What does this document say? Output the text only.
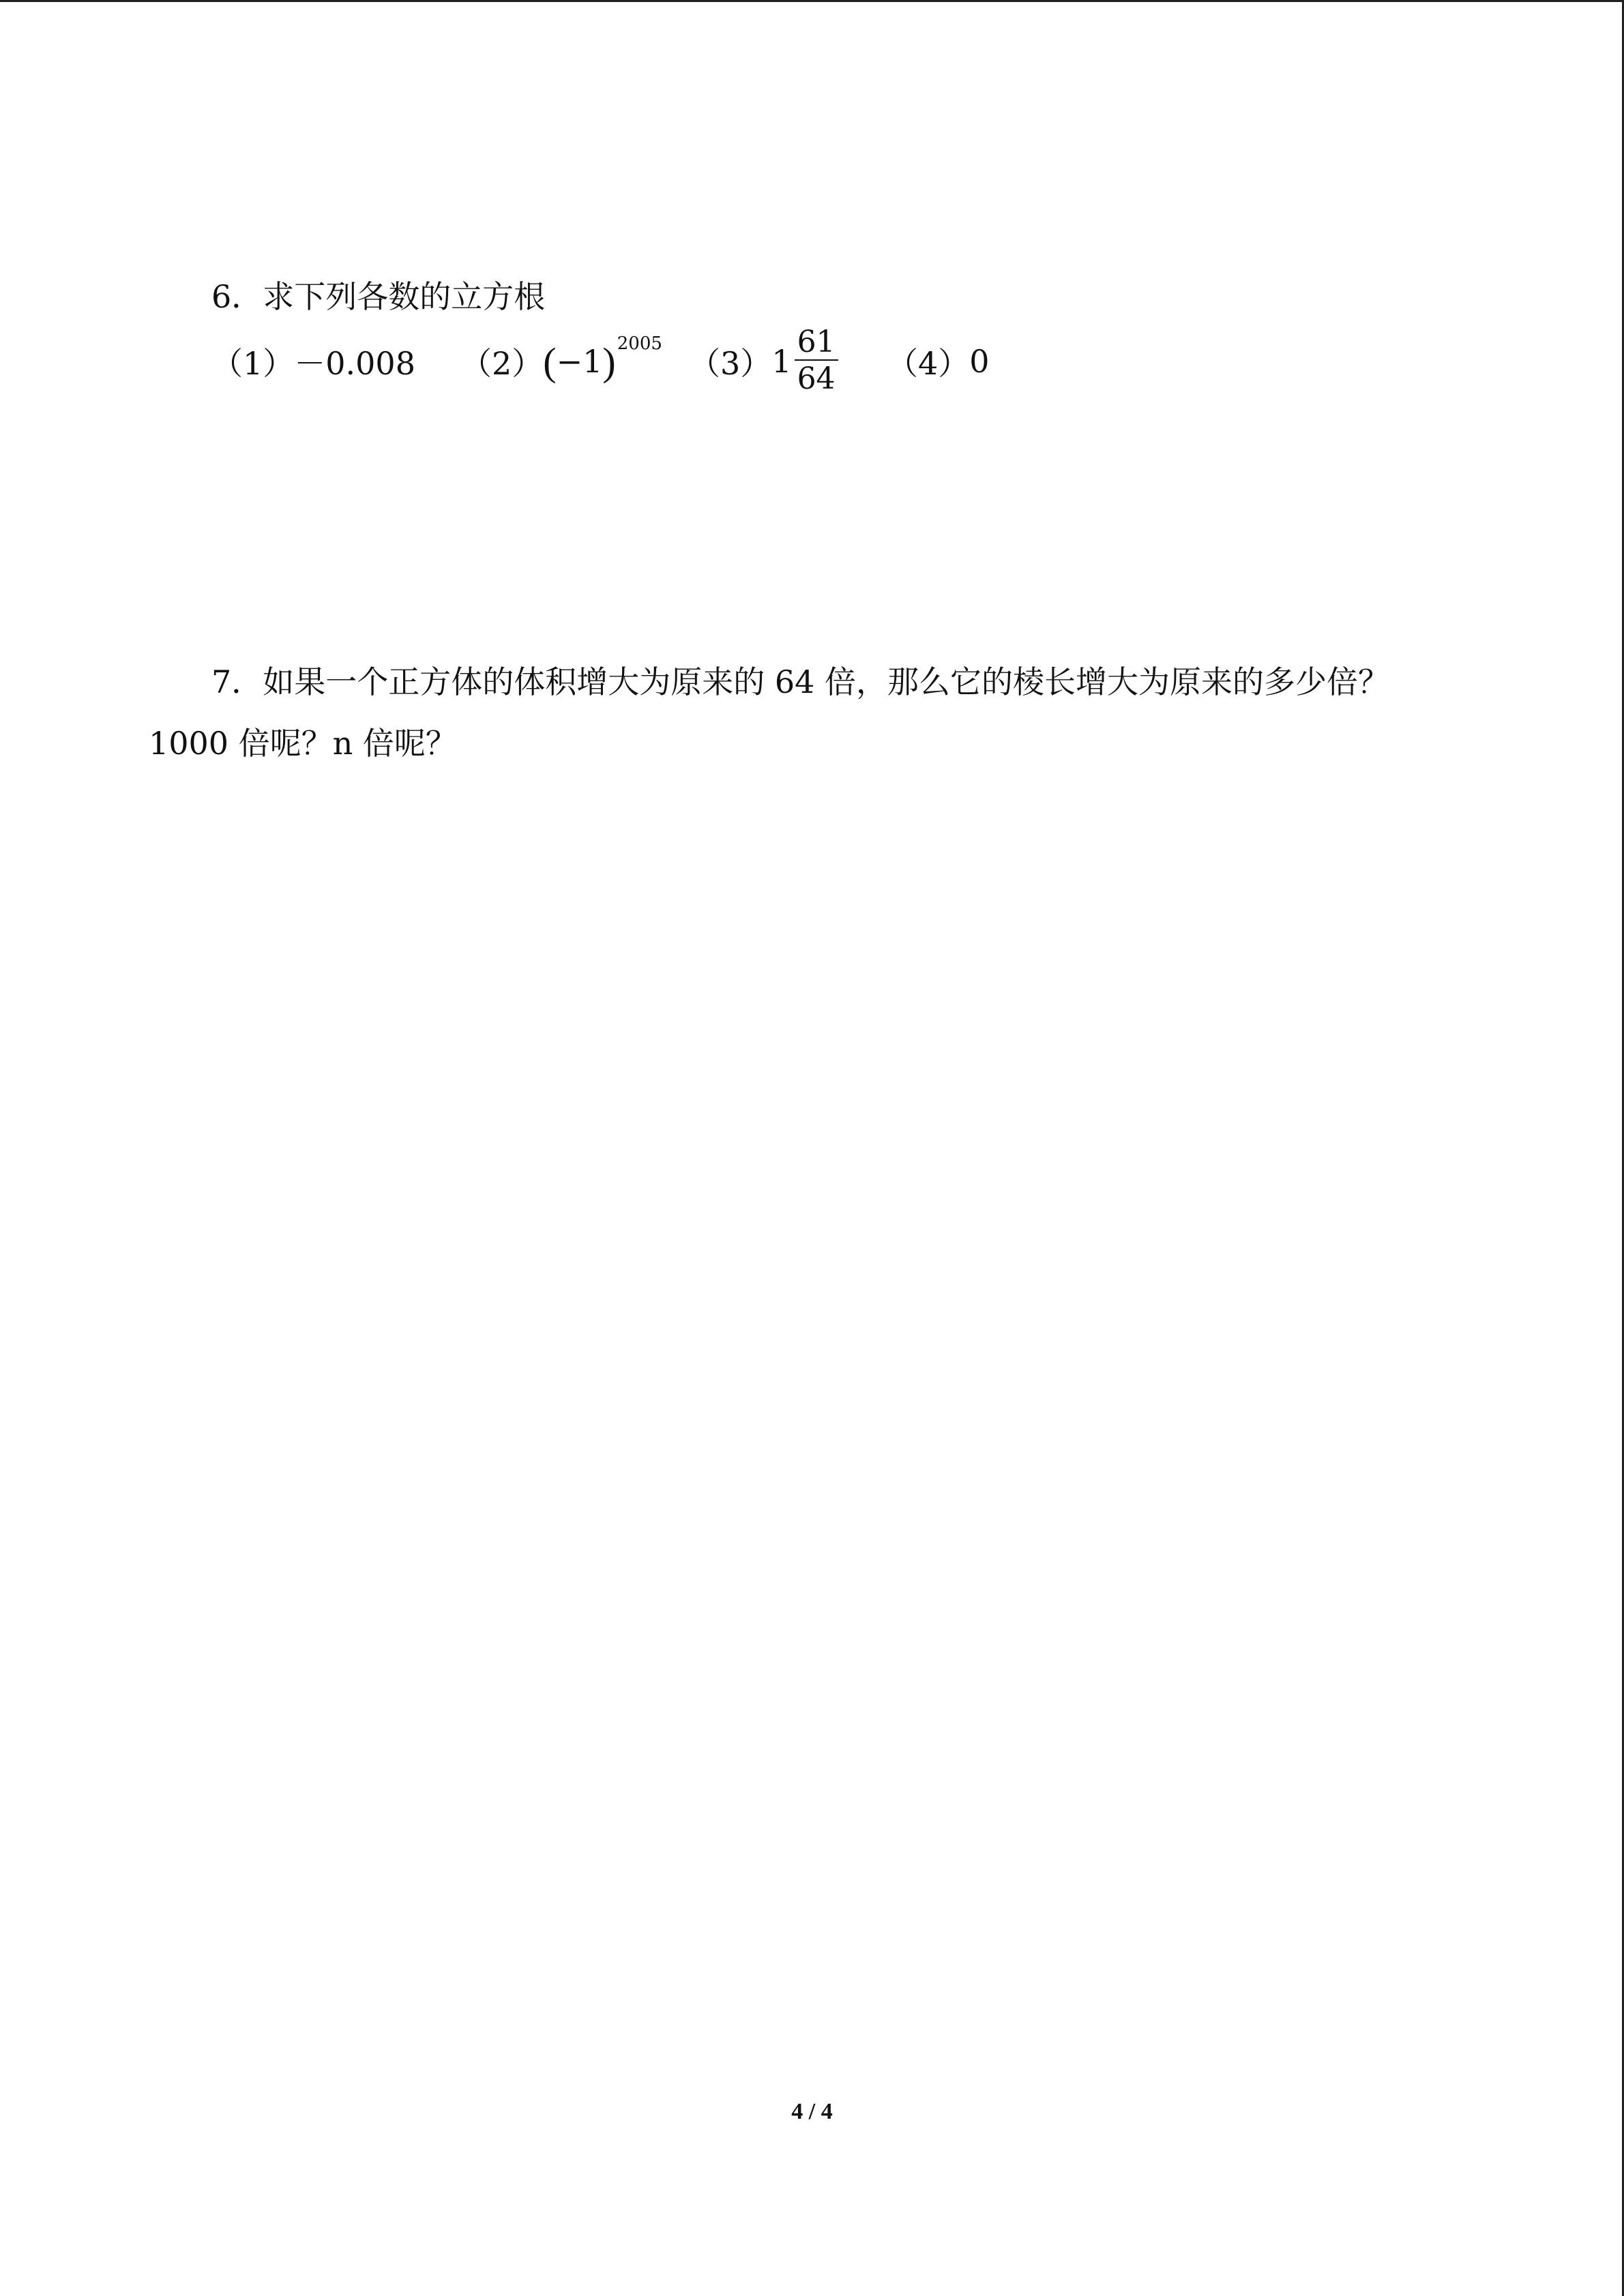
6．求下列各数的立方根
（1） －0.008 （2） ( −1 ) 2005
（3） $1 \frac{61}{64} (4)$ 0
7．如果一个正方体的体积增大为原来的 64 倍，那么它的棱长增大为原来的多少倍？
1000 倍呢？n 倍呢？
4 / 4
